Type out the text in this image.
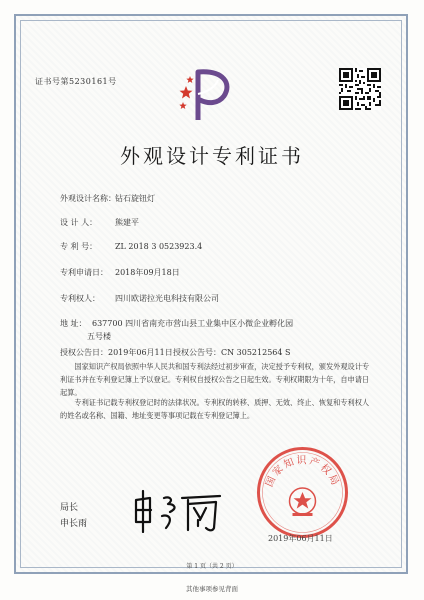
证书号第5230161号
外观设计专利证书
外观设计名称：钻石旋钮灯
设 计 人： 熊建平
专 利 号： ZL 2018 3 0523923.4
专利申请日： 2018年09月18日
专利权人： 四川欧诺拉光电科技有限公司
地 址： 637700 四川省南充市营山县工业集中区小微企业孵化园
五号楼
授权公告日：2019年06月11日授权公告号：CN 305212564 S
国家知识产权局依照中华人民共和国专利法经过初步审查，决定授予专利权，颁发外观设计专利证书并在专利登记簿上予以登记。专利权自授权公告之日起生效。专利权期限为十年，自申请日起算。
专利证书记载专利权登记时的法律状况。专利权的转移、质押、无效、终止、恢复和专利权人的姓名或名称、国籍、地址变更等事项记载在专利登记簿上。
局长
申长雨
国家知识产权局
2019年06月11日
第 1 页（共 2 页）
其他事项参见背面
